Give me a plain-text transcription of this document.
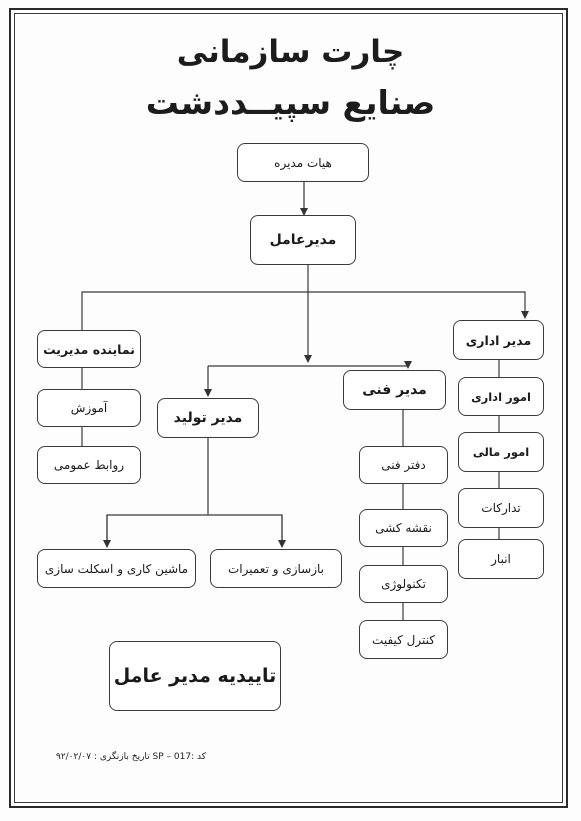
چارت سازمانی
صنایع سپیــددشت
هیات مدیره
مدیرعامل
نماینده مدیریت
آموزش
روابط عمومی
مدیر اداری
امور اداری
امور مالی
تدارکات
انبار
مدیر فنی
دفتر فنی
نقشه کشی
تکنولوژی
کنترل کیفیت
مدیر تولید
ماشین کاری و اسکلت سازی	بازسازی و تعمیرات
تاییدیه مدیر عامل
کد :017 – SP تاریخ بازنگری : ۹۲/۰۲/۰۷
